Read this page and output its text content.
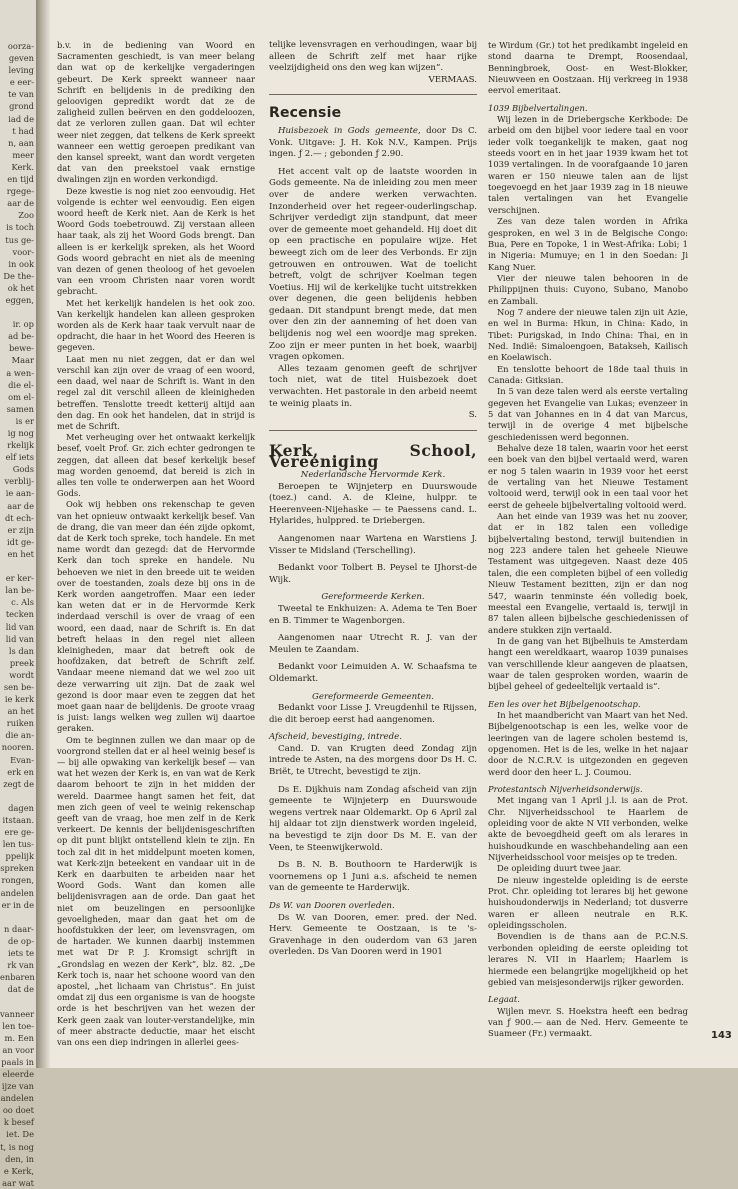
oorza-
geven
leving
e eer-
te van
grond
iad de
t had
n, aan
meer
Kerk.
en tijd
rgege-
aar de
Zoo
is toch
tus ge-
voor-
in ook
De the-
ok het
eggen,

ir. op
ad be-
bewe-
Maar
a wen-
die el-
om el-
samen
is er
ig nog
rkelijk
elf iets
Gods
verblij-
ie aan-
aar de
dt ech-
er zijn
idt ge-
en het

er ker-
lan be-
c. Als
tecken
lid van
lid van
ls dan
preek
wordt
sen be-
ie kerk
an het
ruiken
die an-
nooren.
Evan-
erk en
zegt de

dagen
itstaan.
ere ge-
len tus-
ppelijk
spreken
rongen,
andelen
er in de

n daar-
de op-
iets te
rk van
enbaren
dat de

vanneer
len toe-
m. Een
an voor
paals in
eleerde
ijze van
andelen
oo doet
k besef
iet. De
t, is nog
den, in
e Kerk,
aar wat

b.v. in de bediening van Woord en Sacramenten geschiedt, is van meer belang dan wat op de kerkelijke vergaderingen gebeurt. De Kerk spreekt wanneer naar Schrift en belijdenis in de prediking den geloovigen gepredikt wordt dat ze de zaligheid zullen beërven en den goddeloozen, dat ze verloren zullen gaan. Dat wil echter weer niet zeggen, dat telkens de Kerk spreekt wanneer een wettig geroepen predikant van den kansel spreekt, want dan wordt vergeten dat van den preekstoel vaak ernstige dwalingen zijn en worden verkondigd.

Deze kwestie is nog niet zoo eenvoudig. Het volgende is echter wel eenvoudig. Een eigen woord heeft de Kerk niet. Aan de Kerk is het Woord Gods toebetrouwd. Zij verstaan alleen haar taak, als zij het Woord Gods brengt. Dan alleen is er kerkelijk spreken, als het Woord Gods woord gebracht en niet als de meening van dezen of genen theoloog of het gevoelen van een vroom Christen naar voren wordt gebracht.

Met het kerkelijk handelen is het ook zoo. Van kerkelijk handelen kan alleen gesproken worden als de Kerk haar taak vervult naar de opdracht, die haar in het Woord des Heeren is gegeven.

Laat men nu niet zeggen, dat er dan wel verschil kan zijn over de vraag of een woord, een daad, wel naar de Schrift is. Want in den regel zal dit verschil alleen de kleinigheden betreffen. Tenslotte treedt ketterij altijd aan den dag. En ook het handelen, dat in strijd is met de Schrift.

Met verheuging over het ontwaakt kerkelijk besef, voelt Prof. Gr. zich echter gedrongen te zeggen, dat alleen dat besef kerkelijk besef mag worden genoemd, dat bereid is zich in alles ten volle te onderwerpen aan het Woord Gods.

Ook wij hebben ons rekenschap te geven van het opnieuw ontwaakt kerkelijk besef. Van de drang, die van meer dan één zijde opkomt, dat de Kerk toch spreke, toch handele. En met name wordt dan gezegd: dat de Hervormde Kerk dan toch spreke en handele. Nu behoeven we niet in den breede uit te weiden over de toestanden, zoals deze bij ons in de Kerk worden aangetroffen. Maar een ieder kan weten dat er in de Hervormde Kerk inderdaad verschil is over de vraag of een woord, een daad, naar de Schrift is. En dat betreft helaas in den regel niet alleen kleinigheden, maar dat betreft ook de hoofdzaken, dat betreft de Schrift zelf. Vandaar meene niemand dat we wel zoo uit deze verwarring uit zijn. Dat de zaak wel gezond is door maar even te zeggen dat het moet gaan naar de belijdenis. De groote vraag is juist: langs welken weg zullen wij daartoe geraken.

Om te beginnen zullen we dan maar op de voorgrond stellen dat er al heel weinig besef is — bij alle opwaking van kerkelijk besef — van wat het wezen der Kerk is, en van wat de Kerk daarom behoort te zijn in het midden der wereld. Daarmee hangt samen het feit, dat men zich geen of veel te weinig rekenschap geeft van de vraag, hoe men zelf in de Kerk verkeert. De kennis der belijdenisgeschriften op dit punt blijkt ontstellend klein te zijn. En toch zal dit in het middelpunt moeten komen, wat Kerk-zijn beteekent en vandaar uit in de Kerk en daarbuiten te arbeiden naar het Woord Gods. Want dan komen alle belijdenisvragen aan de orde. Dan gaat het niet om beuzelingen en persoonlijke gevoeligheden, maar dan gaat het om de hoofdstukken der leer, om levensvragen, om de hartader. We kunnen daarbij instemmen met wat Dr P. J. Kromsigt schrijft in „Grondslag en wezen der Kerk”, blz. 82. „De Kerk toch is, naar het schoone woord van den apostel, „het lichaam van Christus”. En juist omdat zij dus een organisme is van de hoogste orde is het beschrijven van het wezen der Kerk geen zaak van louter-verstandelijke, min of meer abstracte deductie, maar het eischt van ons een diep indringen in allerlei gees-

telijke levensvragen en verhoudingen, waar bij alleen de Schrift zelf met haar rijke veelzijdigheid ons den weg kan wijzen”.

VERMAAS.

Recensie

Huisbezoek in Gods gemeente, door Ds C. Vonk. Uitgave: J. H. Kok N.V., Kampen. Prijs ingen. ƒ 2.— ; gebonden ƒ 2.90.

Het accent valt op de laatste woorden in Gods gemeente. Na de inleiding zou men meer over de andere werken verwachten. Inzonderheid over het regeer-ouderlingschap. Schrijver verdedigt zijn standpunt, dat meer over de gemeente moet gehandeld. Hij doet dit op een practische en populaire wijze. Het beweegt zich om de leer des Verbonds. Er zijn getrouwen en ontrouwen. Wat de toelicht betreft, volgt de schrijver Koelman tegen Voetius. Hij wil de kerkelijke tucht uitstrekken over degenen, die geen belijdenis hebben gedaan. Dit standpunt brengt mede, dat men over den zin der aanneming of het doen van belijdenis nog wel een woordje mag spreken. Zoo zijn er meer punten in het boek, waarbij vragen opkomen.

Alles tezaam genomen geeft de schrijver toch niet, wat de titel Huisbezoek doet verwachten. Het pastorale in den arbeid neemt te weinig plaats in.

S.

Kerk, School, Vereeniging

Nederlandsche Hervormde Kerk.

Beroepen te Wijnjeterp en Duurswoude (toez.) cand. A. de Kleine, hulppr. te Heerenveen-Nijehaske — te Paessens cand. L. Hylarides, hulppred. te Driebergen.

Aangenomen naar Wartena en Warstiens J. Visser te Midsland (Terschelling).

Bedankt voor Tolbert B. Peysel te IJhorst-de Wijk.

Gereformeerde Kerken.

Tweetal te Enkhuizen: A. Adema te Ten Boer en B. Timmer te Wagenborgen.

Aangenomen naar Utrecht R. J. van der Meulen te Zaandam.

Bedankt voor Leimuiden A. W. Schaafsma te Oldemarkt.

Gereformeerde Gemeenten.

Bedankt voor Lisse J. Vreugdenhil te Rijssen, die dit beroep eerst had aangenomen.

Afscheid, bevestiging, intrede.

Cand. D. van Krugten deed Zondag zijn intrede te Asten, na des morgens door Ds H. C. Briët, te Utrecht, bevestigd te zijn.

Ds E. Dijkhuis nam Zondag afscheid van zijn gemeente te Wijnjeterp en Duurswoude wegens vertrek naar Oldemarkt. Op 6 April zal hij aldaar tot zijn dienstwerk worden ingeleid, na bevestigd te zijn door Ds M. E. van der Veen, te Steenwijkerwold.

Ds B. N. B. Bouthoorn te Harderwijk is voornemens op 1 Juni a.s. afscheid te nemen van de gemeente te Harderwijk.

Ds W. van Dooren overleden.

Ds W. van Dooren, emer. pred. der Ned. Herv. Gemeente te Oostzaan, is te 's-Gravenhage in den ouderdom van 63 jaren overleden. Ds Van Dooren werd in 1901

te Wirdum (Gr.) tot het predikambt ingeleid en stond daarna te Drempt, Roosendaal, Benningbroek, Oost- en West-Blokker, Nieuwveen en Oostzaan. Hij verkreeg in 1938 eervol emeritaat.

1039 Bijbelvertalingen.

Wij lezen in de Driebergsche Kerkbode: De arbeid om den bijbel voor iedere taal en voor ieder volk toegankelijk te maken, gaat nog steeds voort en in het jaar 1939 kwam het tot 1039 vertalingen. In de voorafgaande 10 jaren waren er 150 nieuwe talen aan de lijst toegevoegd en het jaar 1939 zag in 18 nieuwe talen vertalingen van het Evangelie verschijnen.

Zes van deze talen worden in Afrika gesproken, en wel 3 in de Belgische Congo: Bua, Pere en Topoke, 1 in West-Afrika: Lobi; 1 in Nigeria: Mumuye; en 1 in den Soedan: Ji Kang Nuer.

Vier der nieuwe talen behooren in de Philippijnen thuis: Cuyono, Subano, Manobo en Zambali.

Nog 7 andere der nieuwe talen zijn uit Azie, en wel in Burma: Hkun, in China: Kado, in Tibet: Purigskad, in Indo China: Thai, en in Ned. Indië: Simaloengoen, Batakseh, Kailisch en Koelawisch.

En tenslotte behoort de 18de taal thuis in Canada: Gitksian.

In 5 van deze talen werd als eerste vertaling gegeven het Evangelie van Lukas; evenzeer in 5 dat van Johannes en in 4 dat van Marcus, terwijl in de overige 4 met bijbelsche geschiedenissen werd begonnen.

Behalve deze 18 talen, waarin voor het eerst een boek van den bijbel vertaald werd, waren er nog 5 talen waarin in 1939 voor het eerst de vertaling van het Nieuwe Testament voltooid werd, terwijl ook in een taal voor het eerst de geheele bijbelvertaling voltooid werd.

Aan het einde van 1939 was het nu zoover, dat er in 182 talen een volledige bijbelvertaling bestond, terwijl buitendien in nog 223 andere talen het geheele Nieuwe Testament was uitgegeven. Naast deze 405 talen, die een completen bijbel of een volledig Nieuw Testament bezitten, zijn er dan nog 547, waarin tenminste één volledig boek, meestal een Evangelie, vertaald is, terwijl in 87 talen alleen bijbelsche geschiedenissen of andere stukken zijn vertaald.

In de gang van het Bijbelhuis te Amsterdam hangt een wereldkaart, waarop 1039 punaises van verschillende kleur aangeven de plaatsen, waar de talen gesproken worden, waarin de bijbel geheel of gedeeltelijk vertaald is”.

Een les over het Bijbelgenootschap.

In het maandbericht van Maart van het Ned. Bijbelgenootschap is een les, welke voor de leeringen van de lagere scholen bestemd is, opgenomen. Het is de les, welke in het najaar door de N.C.R.V. is uitgezonden en gegeven werd door den heer L. J. Coumou.

Protestantsch Nijverheidsonderwijs.

Met ingang van 1 April j.l. is aan de Prot. Chr. Nijverheidsschool te Haarlem de opleiding voor de akte N VII verbonden, welke akte de bevoegdheid geeft om als lerares in huishoudkunde en waschbehandeling aan een Nijverheidsschool voor meisjes op te treden.

De opleiding duurt twee jaar.

De nieuw ingestelde opleiding is de eerste Prot. Chr. opleiding tot lerares bij het gewone huishoudonderwijs in Nederland; tot dusverre waren er alleen neutrale en R.K. opleidingsscholen.

Bovendien is de thans aan de P.C.N.S. verbonden opleiding de eerste opleiding tot lerares N. VII in Haarlem; Haarlem is hiermede een belangrijke mogelijkheid op het gebied van meisjesonderwijs rijker geworden.

Legaat.

Wijlen mevr. S. Hoekstra heeft een bedrag van ƒ 900.— aan de Ned. Herv. Gemeente te Suameer (Fr.) vermaakt.	143
